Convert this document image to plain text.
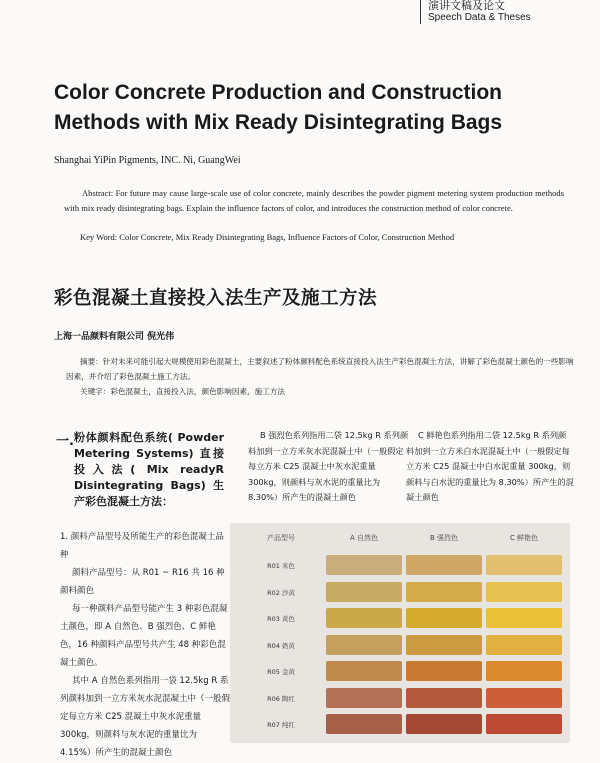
演讲文稿及论文
Speech Data & Theses
Color Concrete Production and Construction Methods with Mix Ready Disintegrating Bags
Shanghai YiPin Pigments, INC. Ni, GuangWei
Abstract: For future may cause large-scale use of color concrete, mainly describes the powder pigment metering system production methods with mix ready disintegrating bags. Explain the influence factors of color, and introduces the construction method of color concrete.
Key Word: Color Concrete, Mix Ready Disintegrating Bags, Influence Factors of Color, Construction Method
彩色混凝土直接投入法生产及施工方法
上海一品颜料有限公司 倪光伟
摘要：针对未来可能引起大规模使用彩色混凝土，主要叙述了粉体颜料配色系统直接投入法生产彩色混凝土方法，讲解了彩色混凝土颜色的一些影响因素，并介绍了彩色混凝土施工方法。
关键字：彩色混凝土，直接投入法，颜色影响因素，施工方法
一. 粉体颜料配色系统( Powder Metering Systems) 直接投入法( Mix readyR Disintegrating Bags) 生产彩色混凝土方法：

1. 颜料产品型号及所能生产的彩色混凝土品种

颜料产品型号：从 R01 ~ R16 共 16 种颜料颜色

每一种颜料产品型号能产生 3 种彩色混凝土颜色，即 A 自然色、B 强烈色、C 鲜艳色，16 种颜料产品型号共产生 48 种彩色混凝土颜色。

其中 A 自然色系列指用一袋 12.5kg R 系列颜料加到一立方米灰水泥混凝土中（一般假定每立方米 C25 混凝土中灰水泥重量 300kg，则颜料与灰水泥的重量比为 4.15%）所产生的混凝土颜色

B 强烈色系列指用二袋 12.5kg R 系列颜料加到一立方米灰水泥混凝土中（一般假定每立方米 C25 混凝土中灰水泥重量 300kg，则颜料与灰水泥的重量比为 8.30%）所产生的混凝土颜色
C 鲜艳色系列指用二袋 12.5kg R 系列颜料加到一立方米白水泥混凝土中（一般假定每立方米 C25 混凝土中白水泥重量 300kg，则颜料与白水泥的重量比为 8.30%）所产生的混凝土颜色
产品型号	A 自然色	B 强烈色	C 鲜艳色
R01 米色
R02 沙黄
R03 黄色
R04 奶黄
R05 金黄
R06 陶红
R07 纯红
